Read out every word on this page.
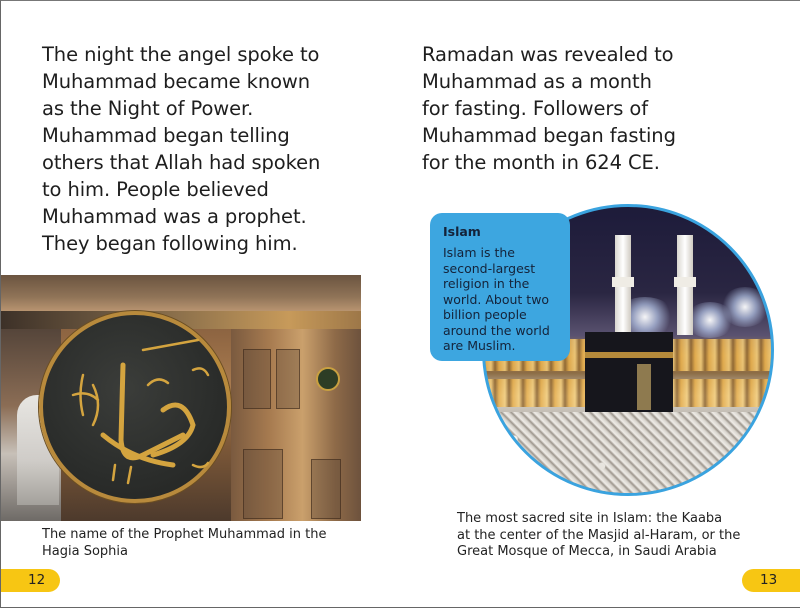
The night the angel spoke to
Muhammad became known
as the Night of Power.
Muhammad began telling
others that Allah had spoken
to him. People believed
Muhammad was a prophet.
They began following him.
The name of the Prophet Muhammad in the
Hagia Sophia
12
Ramadan was revealed to
Muhammad as a month
for fasting. Followers of
Muhammad began fasting
for the month in 624 CE.
The most sacred site in Islam: the Kaaba
at the center of the Masjid al-Haram, or the
Great Mosque of Mecca, in Saudi Arabia
13
Islam
Islam is the
second-largest
religion in the
world. About two
billion people
around the world
are Muslim.
